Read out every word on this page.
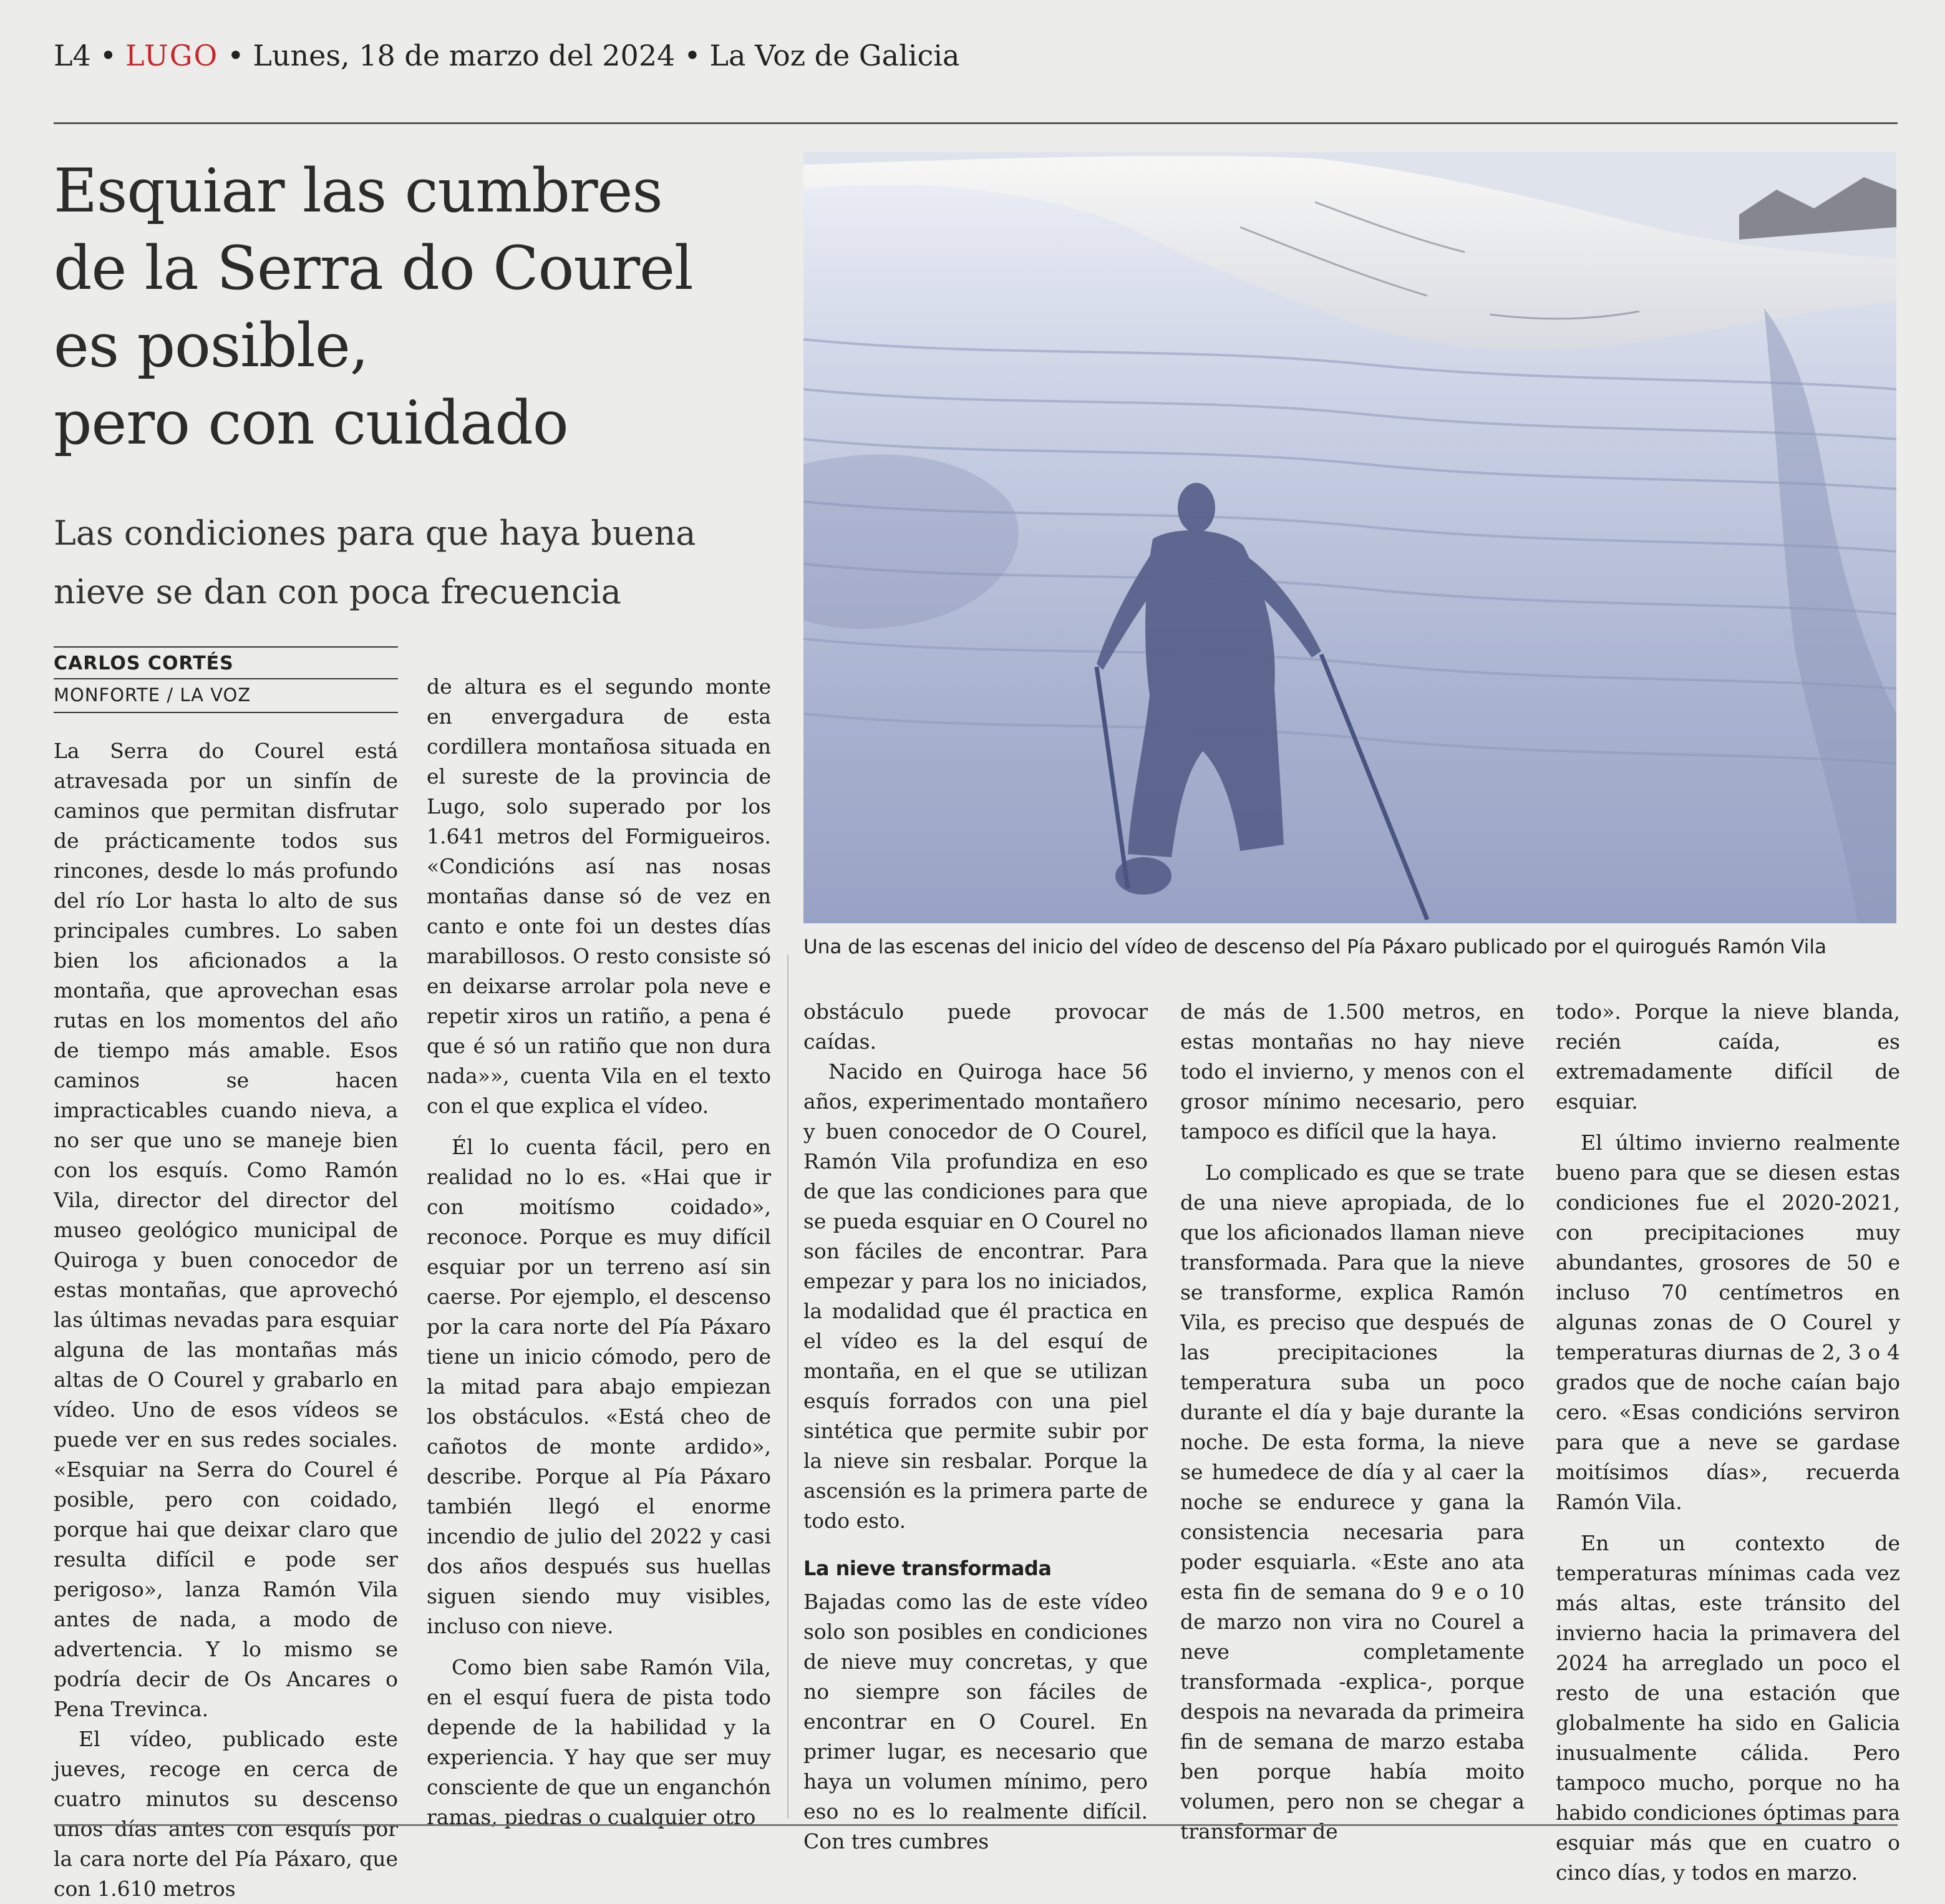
L4 • LUGO • Lunes, 18 de marzo del 2024 • La Voz de Galicia
Esquiar las cumbres
de la Serra do Courel
es posible,
pero con cuidado
Las condiciones para que haya buena
nieve se dan con poca frecuencia
CARLOS CORTÉS
MONFORTE / LA VOZ
Una de las escenas del inicio del vídeo de descenso del Pía Páxaro publicado por el quirogués Ramón Vila

La Serra do Courel está atravesada por un sinfín de caminos que permitan disfrutar de prácticamente todos sus rincones, desde lo más profundo del río Lor hasta lo alto de sus principales cumbres. Lo saben bien los aficionados a la montaña, que aprovechan esas rutas en los momentos del año de tiempo más amable. Esos caminos se hacen impracticables cuando nieva, a no ser que uno se maneje bien con los esquís. Como Ramón Vila, director del director del museo geológico municipal de Quiroga y buen conocedor de estas montañas, que aprovechó las últimas nevadas para esquiar alguna de las montañas más altas de O Courel y grabarlo en vídeo. Uno de esos vídeos se puede ver en sus redes sociales. «Esquiar na Serra do Courel é posible, pero con coidado, porque hai que deixar claro que resulta difícil e pode ser perigoso», lanza Ramón Vila antes de nada, a modo de advertencia. Y lo mismo se podría decir de Os Ancares o Pena Trevinca.

El vídeo, publicado este jueves, recoge en cerca de cuatro minutos su descenso unos días antes con esquís por la cara norte del Pía Páxaro, que con 1.610 metros

de altura es el segundo monte en envergadura de esta cordillera montañosa situada en el sureste de la provincia de Lugo, solo superado por los 1.641 metros del Formigueiros. «Condicións así nas nosas montañas danse só de vez en canto e onte foi un destes días marabillosos. O resto consiste só en deixarse arrolar pola neve e repetir xiros un ratiño, a pena é que é só un ratiño que non dura nada»», cuenta Vila en el texto con el que explica el vídeo.

Él lo cuenta fácil, pero en realidad no lo es. «Hai que ir con moitísmo coidado», reconoce. Porque es muy difícil esquiar por un terreno así sin caerse. Por ejemplo, el descenso por la cara norte del Pía Páxaro tiene un inicio cómodo, pero de la mitad para abajo empiezan los obstáculos. «Está cheo de cañotos de monte ardido», describe. Porque al Pía Páxaro también llegó el enorme incendio de julio del 2022 y casi dos años después sus huellas siguen siendo muy visibles, incluso con nieve.

Como bien sabe Ramón Vila, en el esquí fuera de pista todo depende de la habilidad y la experiencia. Y hay que ser muy consciente de que un enganchón ramas, piedras o cualquier otro

obstáculo puede provocar caídas.

Nacido en Quiroga hace 56 años, experimentado montañero y buen conocedor de O Courel, Ramón Vila profundiza en eso de que las condiciones para que se pueda esquiar en O Courel no son fáciles de encontrar. Para empezar y para los no iniciados, la modalidad que él practica en el vídeo es la del esquí de montaña, en el que se utilizan esquís forrados con una piel sintética que permite subir por la nieve sin resbalar. Porque la ascensión es la primera parte de todo esto.

La nieve transformada

Bajadas como las de este vídeo solo son posibles en condiciones de nieve muy concretas, y que no siempre son fáciles de encontrar en O Courel. En primer lugar, es necesario que haya un volumen mínimo, pero eso no es lo realmente difícil. Con tres cumbres

de más de 1.500 metros, en estas montañas no hay nieve todo el invierno, y menos con el grosor mínimo necesario, pero tampoco es difícil que la haya.

Lo complicado es que se trate de una nieve apropiada, de lo que los aficionados llaman nieve transformada. Para que la nieve se transforme, explica Ramón Vila, es preciso que después de las precipitaciones la temperatura suba un poco durante el día y baje durante la noche. De esta forma, la nieve se humedece de día y al caer la noche se endurece y gana la consistencia necesaria para poder esquiarla. «Este ano ata esta fin de semana do 9 e o 10 de marzo non vira no Courel a neve completamente transformada -explica-, porque despois na nevarada da primeira fin de semana de marzo estaba ben porque había moito volumen, pero non se chegar a transformar de

todo». Porque la nieve blanda, recién caída, es extremadamente difícil de esquiar.

El último invierno realmente bueno para que se diesen estas condiciones fue el 2020-2021, con precipitaciones muy abundantes, grosores de 50 e incluso 70 centímetros en algunas zonas de O Courel y temperaturas diurnas de 2, 3 o 4 grados que de noche caían bajo cero. «Esas condicións serviron para que a neve se gardase moitísimos días», recuerda Ramón Vila.

En un contexto de temperaturas mínimas cada vez más altas, este tránsito del invierno hacia la primavera del 2024 ha arreglado un poco el resto de una estación que globalmente ha sido en Galicia inusualmente cálida. Pero tampoco mucho, porque no ha habido condiciones óptimas para esquiar más que en cuatro o cinco días, y todos en marzo.
